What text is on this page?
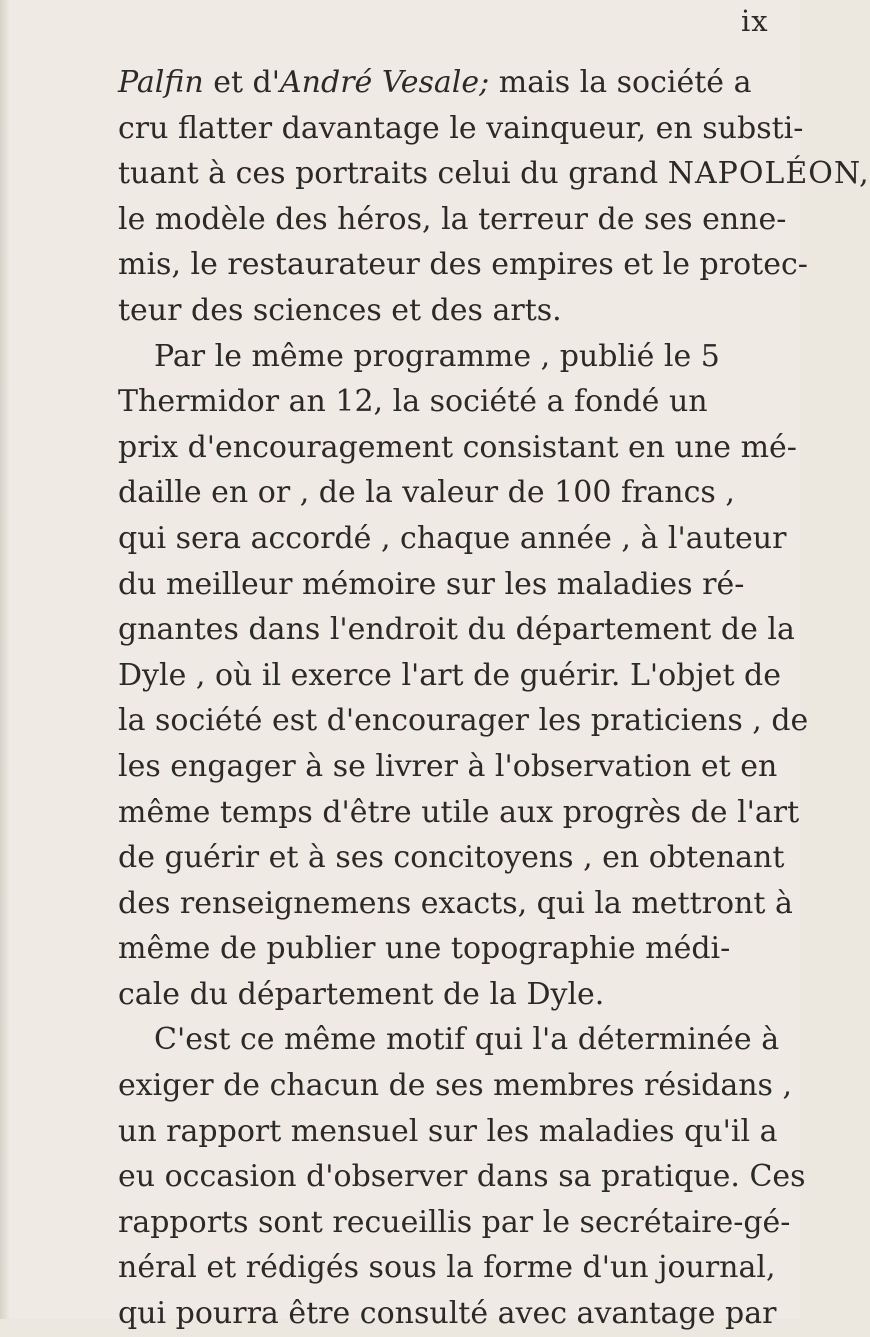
ix
Palfin et d'André Vesale; mais la société a
cru flatter davantage le vainqueur, en substi-
tuant à ces portraits celui du grand NAPOLÉON,
le modèle des héros, la terreur de ses enne-
mis, le restaurateur des empires et le protec-
teur des sciences et des arts.
Par le même programme , publié le 5
Thermidor an 12, la société a fondé un
prix d'encouragement consistant en une mé-
daille en or , de la valeur de 100 francs ,
qui sera accordé , chaque année , à l'auteur
du meilleur mémoire sur les maladies ré-
gnantes dans l'endroit du département de la
Dyle , où il exerce l'art de guérir. L'objet de
la société est d'encourager les praticiens , de
les engager à se livrer à l'observation et en
même temps d'être utile aux progrès de l'art
de guérir et à ses concitoyens , en obtenant
des renseignemens exacts, qui la mettront à
même de publier une topographie médi-
cale du département de la Dyle.
C'est ce même motif qui l'a déterminée à
exiger de chacun de ses membres résidans ,
un rapport mensuel sur les maladies qu'il a
eu occasion d'observer dans sa pratique. Ces
rapports sont recueillis par le secrétaire-gé-
néral et rédigés sous la forme d'un journal,
qui pourra être consulté avec avantage par
